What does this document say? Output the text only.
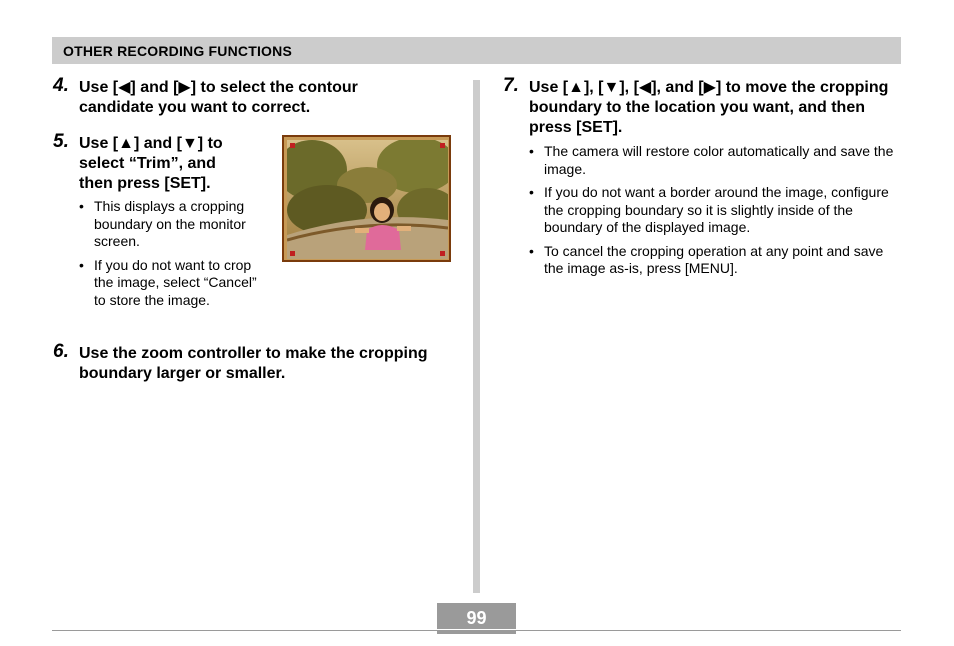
OTHER RECORDING FUNCTIONS
4. Use [◀] and [▶] to select the contour candidate you want to correct.
5. Use [▲] and [▼] to select “Trim”, and then press [SET].
• This displays a cropping boundary on the monitor screen.
• If you do not want to crop the image, select “Cancel” to store the image.
6. Use the zoom controller to make the cropping boundary larger or smaller.
7. Use [▲], [▼], [◀], and [▶] to move the cropping boundary to the location you want, and then press [SET].
• The camera will restore color automatically and save the image.
• If you do not want a border around the image, configure the cropping boundary so it is slightly inside of the boundary of the displayed image.
• To cancel the cropping operation at any point and save the image as-is, press [MENU].
99
